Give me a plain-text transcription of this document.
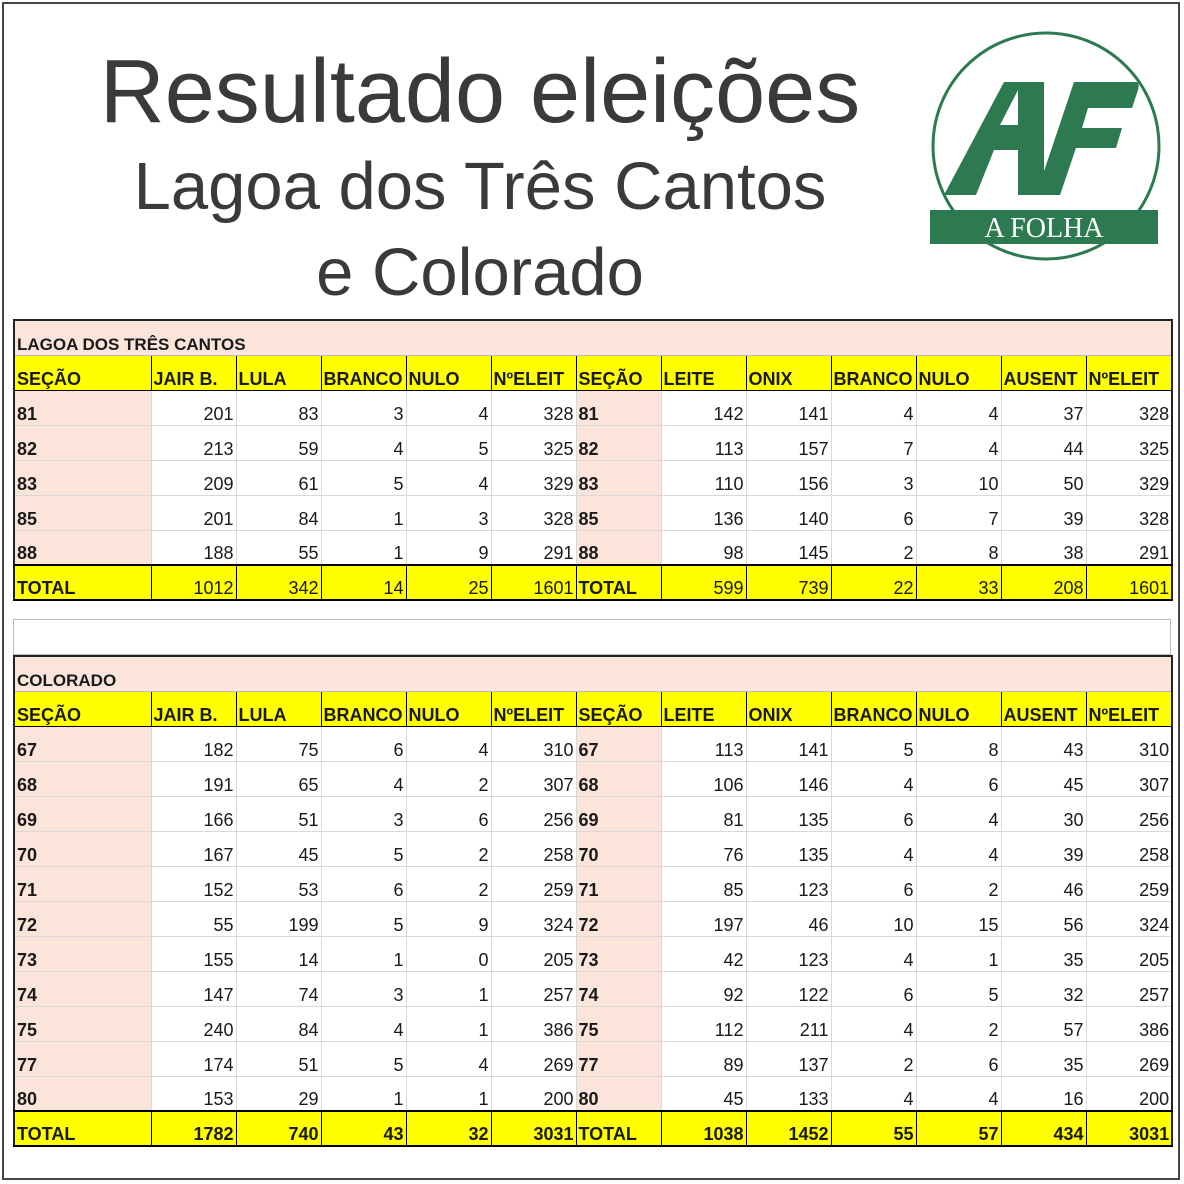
Resultado eleições
Lagoa dos Três Cantos
e Colorado
A FOLHA
LAGOA DOS TRÊS CANTOS												
SEÇÃO	JAIR B.	LULA	BRANCO	NULO	NºELEIT	SEÇÃO	LEITE	ONIX	BRANCO	NULO	AUSENT	NºELEIT
81	201	83	3	4	328	81	142	141	4	4	37	328
82	213	59	4	5	325	82	113	157	7	4	44	325
83	209	61	5	4	329	83	110	156	3	10	50	329
85	201	84	1	3	328	85	136	140	6	7	39	328
88	188	55	1	9	291	88	98	145	2	8	38	291
TOTAL	1012	342	14	25	1601	TOTAL	599	739	22	33	208	1601
COLORADO												
SEÇÃO	JAIR B.	LULA	BRANCO	NULO	NºELEIT	SEÇÃO	LEITE	ONIX	BRANCO	NULO	AUSENT	NºELEIT
67	182	75	6	4	310	67	113	141	5	8	43	310
68	191	65	4	2	307	68	106	146	4	6	45	307
69	166	51	3	6	256	69	81	135	6	4	30	256
70	167	45	5	2	258	70	76	135	4	4	39	258
71	152	53	6	2	259	71	85	123	6	2	46	259
72	55	199	5	9	324	72	197	46	10	15	56	324
73	155	14	1	0	205	73	42	123	4	1	35	205
74	147	74	3	1	257	74	92	122	6	5	32	257
75	240	84	4	1	386	75	112	211	4	2	57	386
77	174	51	5	4	269	77	89	137	2	6	35	269
80	153	29	1	1	200	80	45	133	4	4	16	200
TOTAL	1782	740	43	32	3031	TOTAL	1038	1452	55	57	434	3031
